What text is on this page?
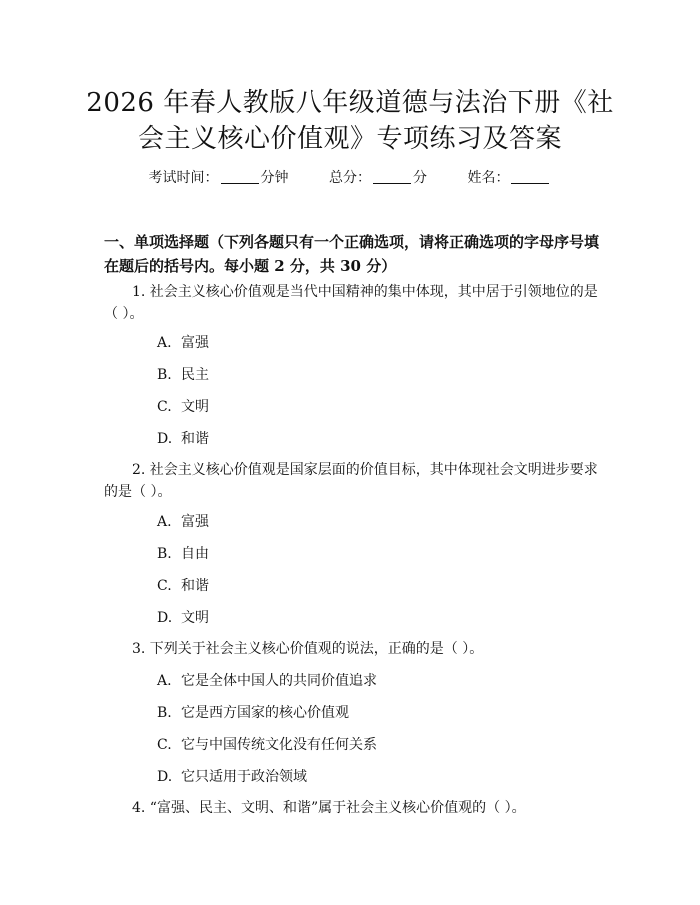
2026 年春人教版八年级道德与法治下册《社
会主义核心价值观》专项练习及答案
考试时间：	分钟	总分：	分	姓名：
一、单项选择题（下列各题只有一个正确选项，请将正确选项的字母序号填在题后的括号内。每小题 2 分，共 30 分）
1. 社会主义核心价值观是当代中国精神的集中体现，其中居于引领地位的是（ ）。
A. 富强
B. 民主
C. 文明
D. 和谐
2. 社会主义核心价值观是国家层面的价值目标，其中体现社会文明进步要求的是（ ）。
A. 富强
B. 自由
C. 和谐
D. 文明
3. 下列关于社会主义核心价值观的说法，正确的是（ ）。
A. 它是全体中国人的共同价值追求
B. 它是西方国家的核心价值观
C. 它与中国传统文化没有任何关系
D. 它只适用于政治领域
4. “富强、民主、文明、和谐”属于社会主义核心价值观的（ ）。
